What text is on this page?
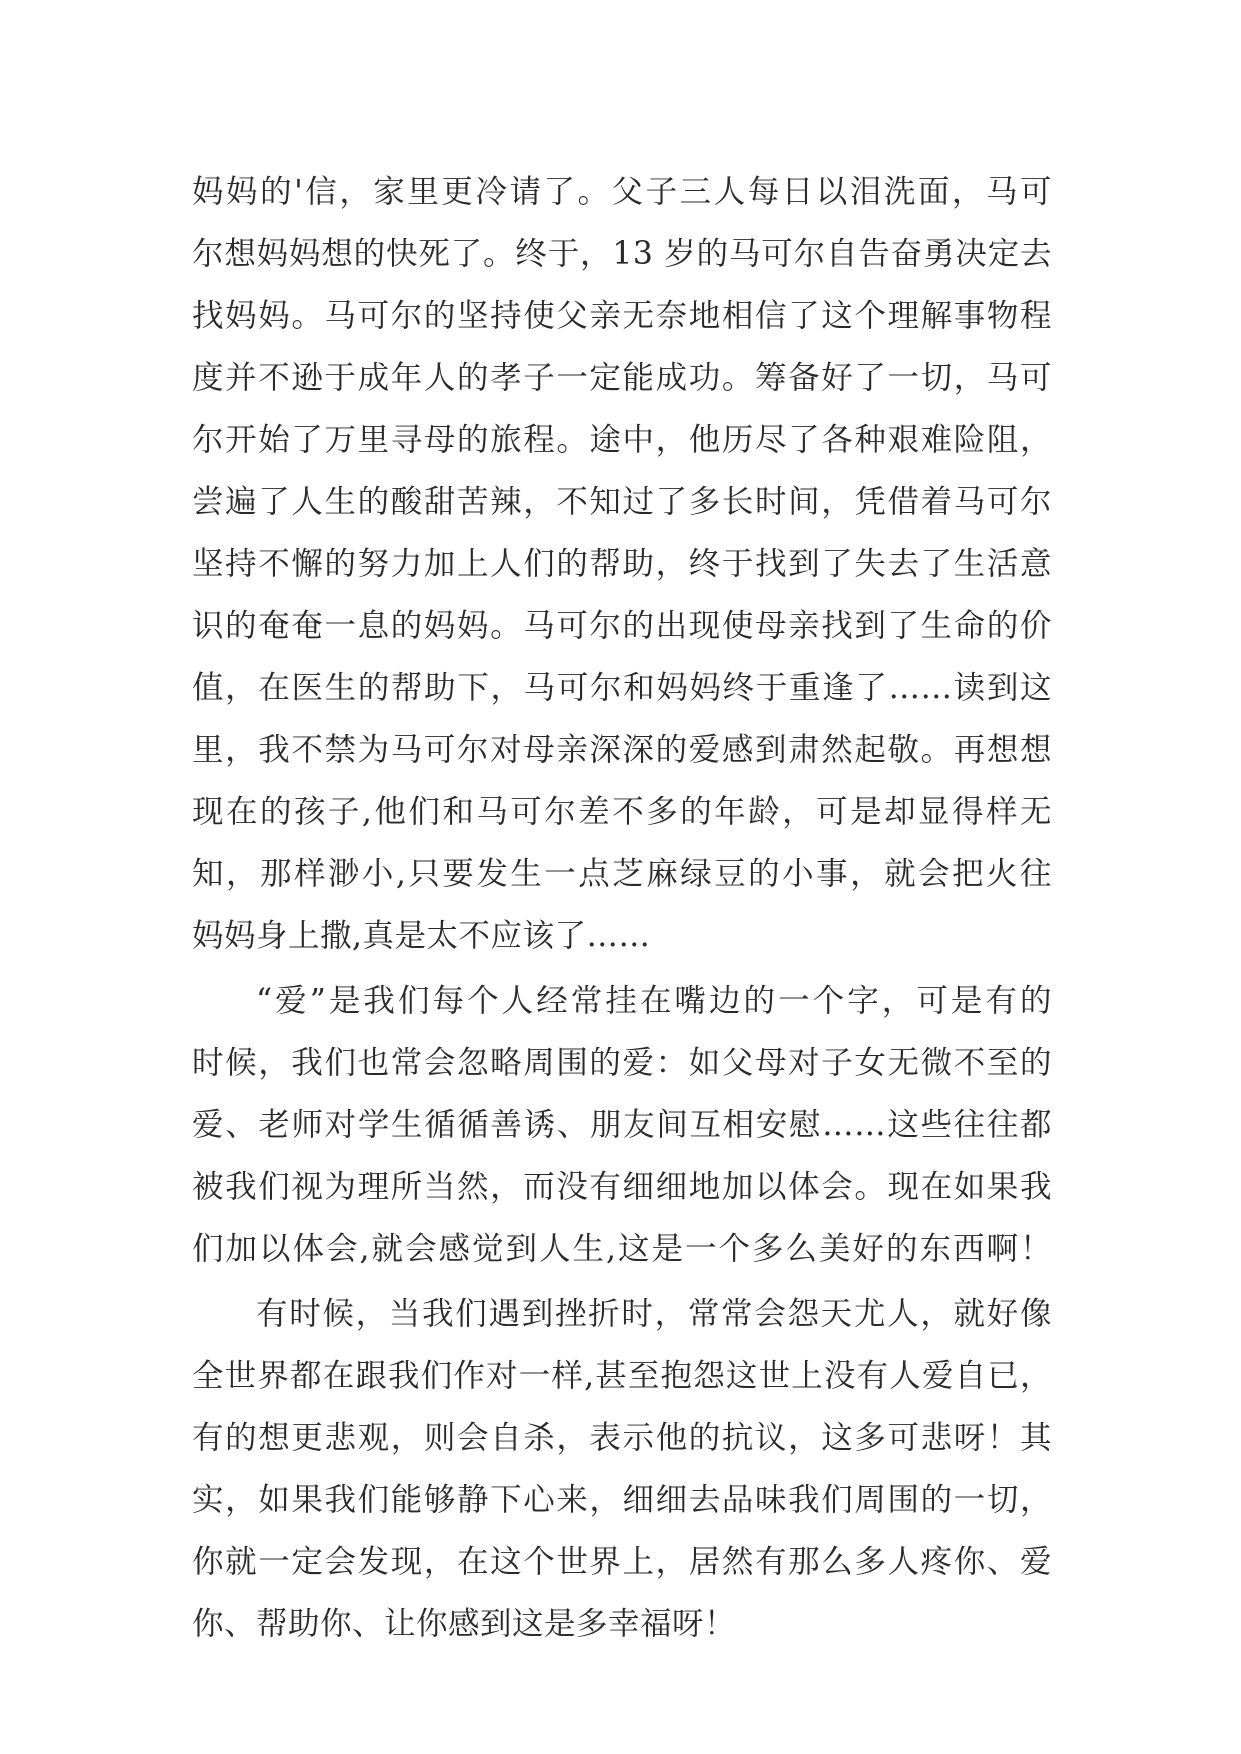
妈妈的'信，家里更冷请了。父子三人每日以泪洗面，马可
尔想妈妈想的快死了。终于，13 岁的马可尔自告奋勇决定去
找妈妈。马可尔的坚持使父亲无奈地相信了这个理解事物程
度并不逊于成年人的孝子一定能成功。筹备好了一切，马可
尔开始了万里寻母的旅程。途中，他历尽了各种艰难险阻，
尝遍了人生的酸甜苦辣，不知过了多长时间，凭借着马可尔
坚持不懈的努力加上人们的帮助，终于找到了失去了生活意
识的奄奄一息的妈妈。马可尔的出现使母亲找到了生命的价
值，在医生的帮助下，马可尔和妈妈终于重逢了……读到这
里，我不禁为马可尔对母亲深深的爱感到肃然起敬。再想想
现在的孩子,他们和马可尔差不多的年龄，可是却显得样无
知，那样渺小,只要发生一点芝麻绿豆的小事，就会把火往
妈妈身上撒,真是太不应该了……
“爱”是我们每个人经常挂在嘴边的一个字，可是有的
时候，我们也常会忽略周围的爱：如父母对子女无微不至的
爱、老师对学生循循善诱、朋友间互相安慰……这些往往都
被我们视为理所当然，而没有细细地加以体会。现在如果我
们加以体会,就会感觉到人生,这是一个多么美好的东西啊！
有时候，当我们遇到挫折时，常常会怨天尤人，就好像
全世界都在跟我们作对一样,甚至抱怨这世上没有人爱自已，
有的想更悲观，则会自杀，表示他的抗议，这多可悲呀！其
实，如果我们能够静下心来，细细去品味我们周围的一切，
你就一定会发现，在这个世界上，居然有那么多人疼你、爱
你、帮助你、让你感到这是多幸福呀！
